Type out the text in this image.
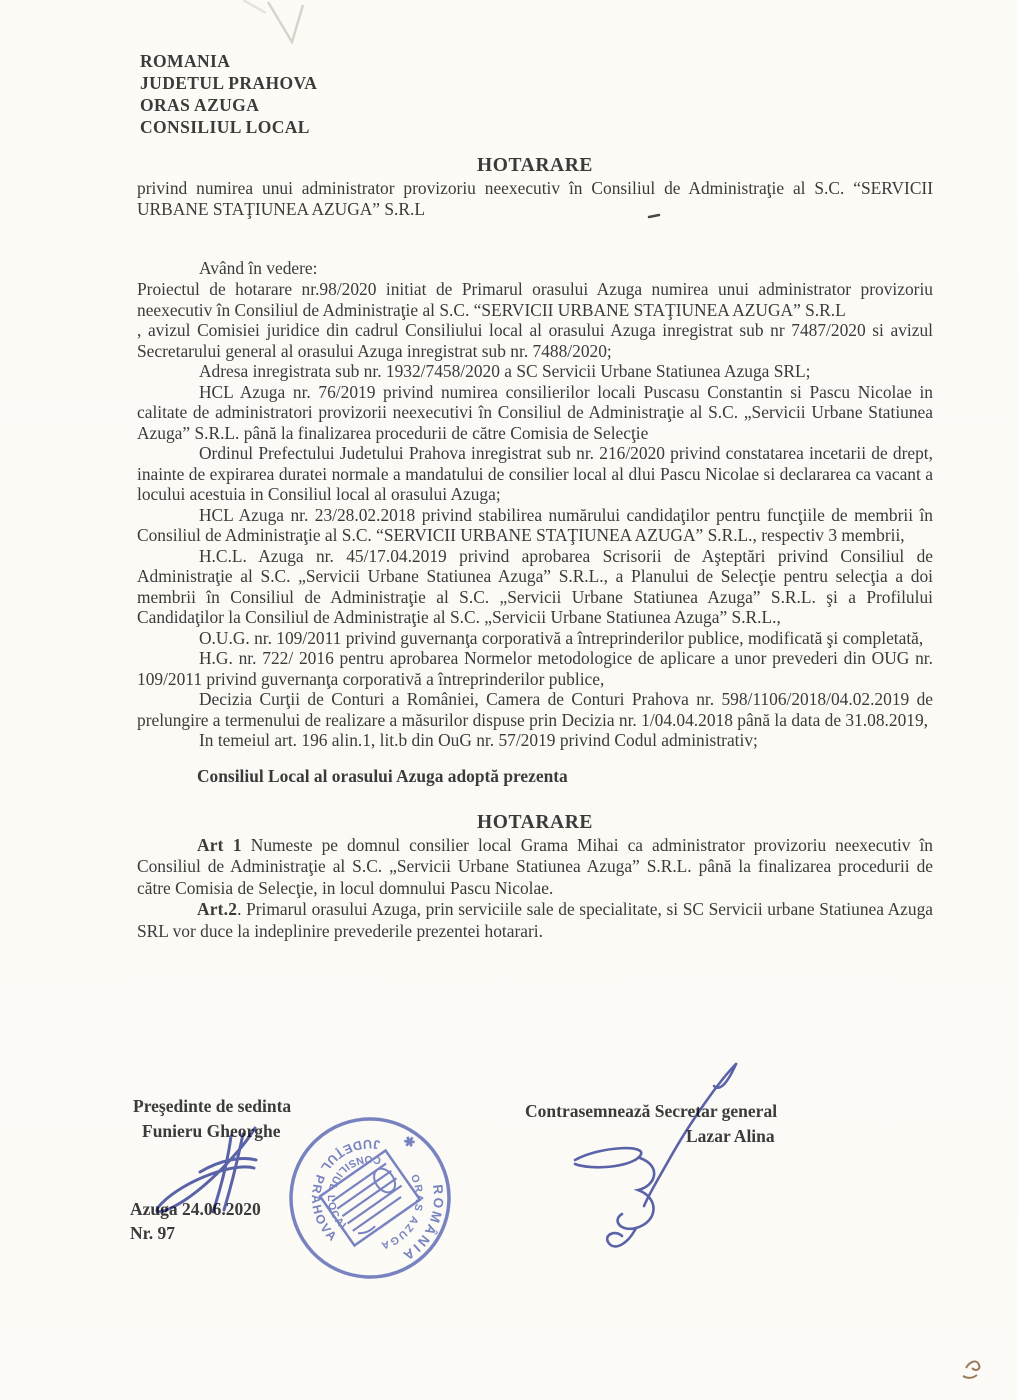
ROMANIA
JUDETUL PRAHOVA
ORAS AZUGA
CONSILIUL LOCAL
HOTARARE

privind numirea unui administrator provizoriu neexecutiv în Consiliul de Administraţie al S.C. “SERVICII URBANE STAŢIUNEA AZUGA” S.R.L

Având în vedere:

Proiectul de hotarare nr.98/2020 initiat de Primarul orasului Azuga numirea unui administrator provizoriu neexecutiv în Consiliul de Administraţie al S.C. “SERVICII URBANE STAŢIUNEA AZUGA” S.R.L

, avizul Comisiei juridice din cadrul Consiliului local al orasului Azuga inregistrat sub nr 7487/2020 si avizul Secretarului general al orasului Azuga inregistrat sub nr. 7488/2020;

Adresa inregistrata sub nr. 1932/7458/2020 a SC Servicii Urbane Statiunea Azuga SRL;

HCL Azuga nr. 76/2019 privind numirea consilierilor locali Puscasu Constantin si Pascu Nicolae in calitate de administratori provizorii neexecutivi în Consiliul de Administraţie al S.C. „Servicii Urbane Statiunea Azuga” S.R.L. până la finalizarea procedurii de către Comisia de Selecţie

Ordinul Prefectului Judetului Prahova inregistrat sub nr. 216/2020 privind constatarea incetarii de drept, inainte de expirarea duratei normale a mandatului de consilier local al dlui Pascu Nicolae si declararea ca vacant a locului acestuia in Consiliul local al orasului Azuga;

HCL Azuga nr. 23/28.02.2018 privind stabilirea numărului candidaţilor pentru funcţiile de membrii în Consiliul de Administraţie al S.C. “SERVICII URBANE STAŢIUNEA AZUGA” S.R.L., respectiv 3 membrii,

H.C.L. Azuga nr. 45/17.04.2019 privind aprobarea Scrisorii de Aşteptări privind Consiliul de Administraţie al S.C. „Servicii Urbane Statiunea Azuga” S.R.L., a Planului de Selecţie pentru selecţia a doi membrii în Consiliul de Administraţie al S.C. „Servicii Urbane Statiunea Azuga” S.R.L. şi a Profilului Candidaţilor la Consiliul de Administraţie al S.C. „Servicii Urbane Statiunea Azuga” S.R.L.,

O.U.G. nr. 109/2011 privind guvernanţa corporativă a întreprinderilor publice, modificată şi completată,

H.G. nr. 722/ 2016 pentru aprobarea Normelor metodologice de aplicare a unor prevederi din OUG nr. 109/2011 privind guvernanţa corporativă a întreprinderilor publice,

Decizia Curţii de Conturi a României, Camera de Conturi Prahova nr. 598/1106/2018/04.02.2019 de prelungire a termenului de realizare a măsurilor dispuse prin Decizia nr. 1/04.04.2018 până la data de 31.08.2019,

In temeiul art. 196 alin.1, lit.b din OuG nr. 57/2019 privind Codul administrativ;

Consiliul Local al orasului Azuga adoptă prezenta

HOTARARE

Art 1 Numeste pe domnul consilier local Grama Mihai ca administrator provizoriu neexecutiv în Consiliul de Administraţie al S.C. „Servicii Urbane Statiunea Azuga” S.R.L. până la finalizarea procedurii de către Comisia de Selecţie, in locul domnului Pascu Nicolae.

Art.2. Primarul orasului Azuga, prin serviciile sale de specialitate, si SC Servicii urbane Statiunea Azuga SRL vor duce la indeplinire prevederile prezentei hotarari.

Preşedinte de sedinta
Funieru Gheorghe
Contrasemnează Secretar general
Lazar Alina
Azuga 24.06.2020
Nr. 97
ROMÂNIA
✱
JUDEŢUL PRAHOVA
ORAS AZUGA
CONSILIUL LOCAL
